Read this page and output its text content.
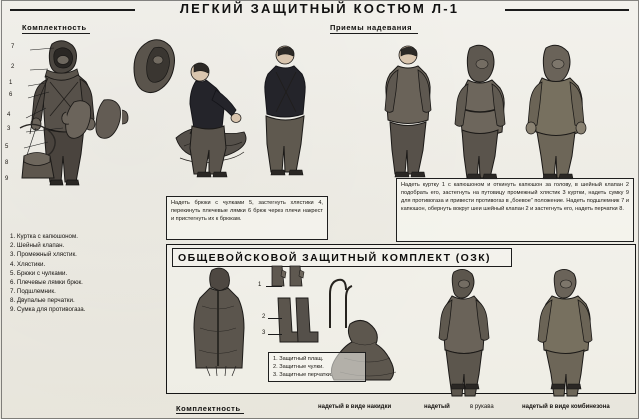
ЛЕГКИЙ ЗАЩИТНЫЙ КОСТЮМ Л-1
Комплектность	Приемы надевания
7
2
1
6
4
3
5
8
9
1. Куртка с капюшоном.
2. Шейный клапан.
3. Промежный хлястик.
4. Хлястики.
5. Брюки с чулками.
6. Плечевые лямки брюк.
7. Подшлемник.
8. Двупалые перчатки.
9. Сумка для противогаза.

Надеть брюки с чулками 5, застегнуть хлястики 4, перекинуть плечевые лямки 6 брюк через плечи накрест и пристегнуть их к брюкам.

Надеть куртку 1 с капюшоном и откинуть капюшон за голову, в шейный клапан 2 подобрать его, застегнуть на путовицу промежный хлястик 3 куртки, надеть сумку 9 для противогаза и привести противогаз в „боевое“ положение. Надеть подшлемник 7 и капюшон, обернуть вокруг шеи шейный клапан 2 и застегнуть его, надеть перчатки 8.

ОБЩЕВОЙСКОВОЙ ЗАЩИТНЫЙ КОМПЛЕКТ (ОЗК)
1
2
3

1. Защитный плащ.

2. Защитные чулки.

3. Защитные перчатки.

Комплектность	надетый в виде накидки	надетый	в рукава	надетый в виде комбинезона
